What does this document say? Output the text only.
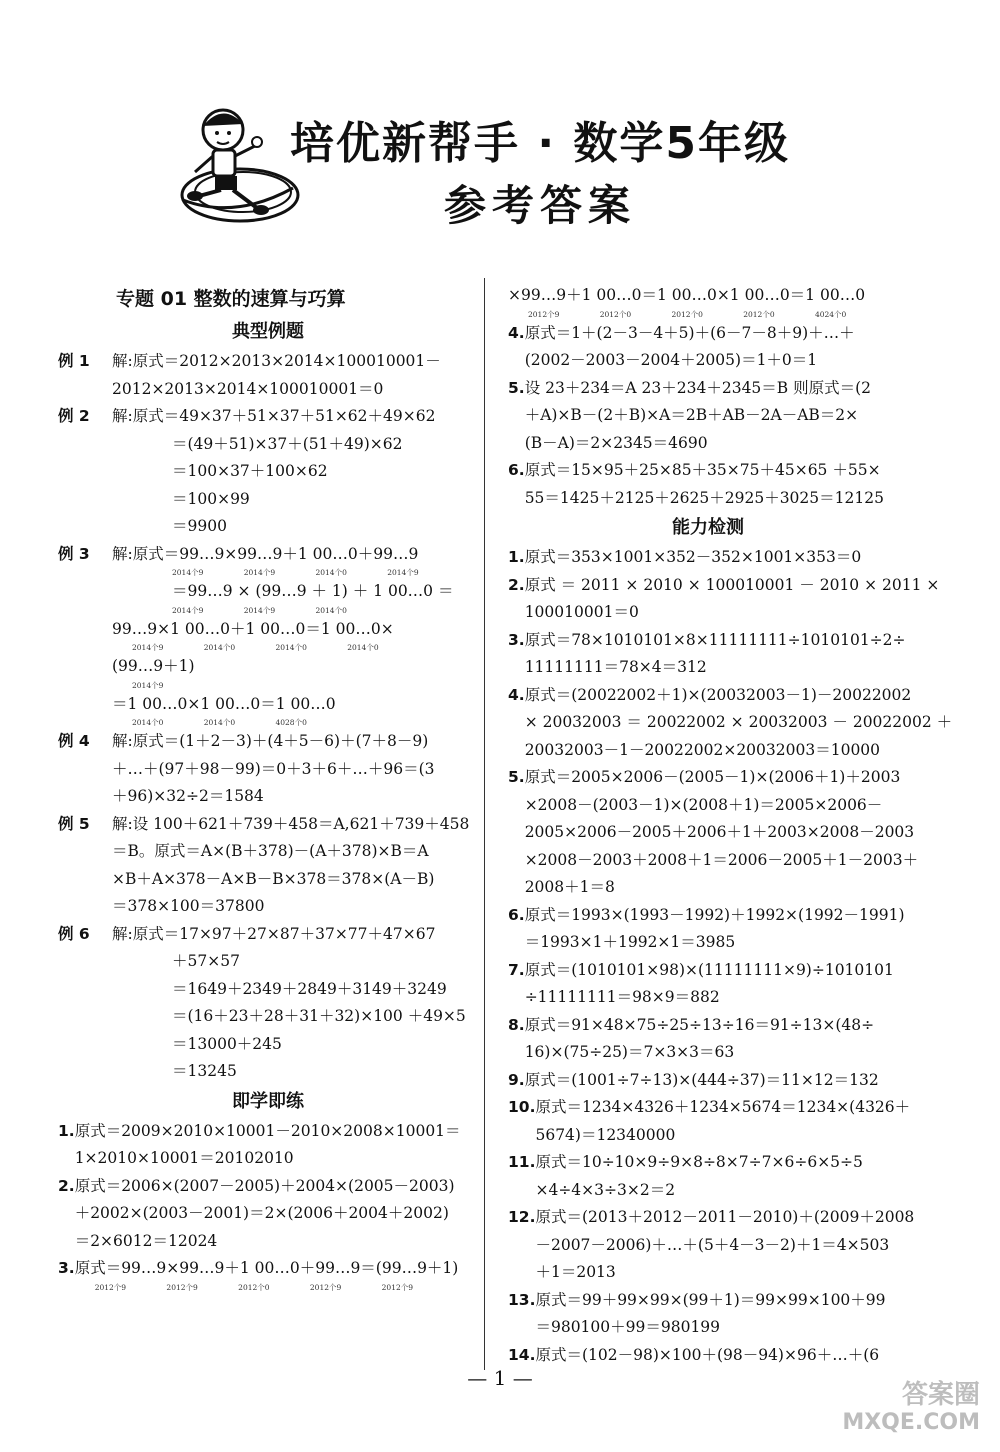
培优新帮手 · 数学5年级
参考答案
专题 01 整数的速算与巧算
典型例题
例 1	解:原式＝2012×2013×2014×100010001－
2012×2013×2014×100010001＝0
例 2	解:原式＝49×37＋51×37＋51×62＋49×62
＝(49＋51)×37＋(51＋49)×62
＝100×37＋100×62
＝100×99
＝9900
例 3	解:原式＝99…9×99…9＋1 00…0＋99…9
2014个9 2014个9 2014个0 2014个9
＝99…9 × (99…9 ＋ 1) ＋ 1 00…0 ＝
2014个9 2014个9 2014个0
99…9×1 00…0＋1 00…0＝1 00…0×
2014个9 2014个0 2014个0 2014个0
(99…9＋1)
2014个9
＝1 00…0×1 00…0＝1 00…0
2014个0 2014个0 4028个0
例 4	解:原式＝(1＋2－3)＋(4＋5－6)＋(7＋8－9)
＋…＋(97＋98－99)＝0＋3＋6＋…＋96＝(3
＋96)×32÷2＝1584
例 5	解:设 100＋621＋739＋458＝A,621＋739＋458
＝B。原式＝A×(B＋378)－(A＋378)×B＝A
×B＋A×378－A×B－B×378＝378×(A－B)
＝378×100＝37800
例 6	解:原式＝17×97＋27×87＋37×77＋47×67
＋57×57
＝1649＋2349＋2849＋3149＋3249
＝(16＋23＋28＋31＋32)×100 ＋49×5
＝13000＋245
＝13245
即学即练
1. 原式＝2009×2010×10001－2010×2008×10001＝
1×2010×10001＝20102010
2. 原式＝2006×(2007－2005)＋2004×(2005－2003)
＋2002×(2003－2001)＝2×(2006＋2004＋2002)
＝2×6012＝12024
3. 原式＝99…9×99…9＋1 00…0＋99…9＝(99…9＋1)
2012个9 2012个9 2012个0 2012个9 2012个9
×99…9＋1 00…0＝1 00…0×1 00…0＝1 00…0
2012个9 2012个0 2012个0 2012个0 4024个0
4. 原式＝1＋(2－3－4＋5)＋(6－7－8＋9)＋…＋
(2002－2003－2004＋2005)＝1＋0＝1
5. 设 23＋234＝A 23＋234＋2345＝B 则原式＝(2
＋A)×B－(2＋B)×A＝2B＋AB－2A－AB＝2×
(B－A)＝2×2345＝4690
6. 原式＝15×95＋25×85＋35×75＋45×65 ＋55×
55＝1425＋2125＋2625＋2925＋3025＝12125
能力检测
1. 原式＝353×1001×352－352×1001×353＝0
2. 原式 ＝ 2011 × 2010 × 100010001 － 2010 × 2011 ×
100010001＝0
3. 原式＝78×1010101×8×11111111÷1010101÷2÷
11111111＝78×4＝312
4. 原式＝(20022002＋1)×(20032003－1)－20022002
× 20032003 ＝ 20022002 × 20032003 － 20022002 ＋
20032003－1－20022002×20032003＝10000
5. 原式＝2005×2006－(2005－1)×(2006＋1)＋2003
×2008－(2003－1)×(2008＋1)＝2005×2006－
2005×2006－2005＋2006＋1＋2003×2008－2003
×2008－2003＋2008＋1＝2006－2005＋1－2003＋
2008＋1＝8
6. 原式＝1993×(1993－1992)＋1992×(1992－1991)
＝1993×1＋1992×1＝3985
7. 原式＝(1010101×98)×(11111111×9)÷1010101
÷11111111＝98×9＝882
8. 原式＝91×48×75÷25÷13÷16＝91÷13×(48÷
16)×(75÷25)＝7×3×3＝63
9. 原式＝(1001÷7÷13)×(444÷37)＝11×12＝132
10. 原式＝1234×4326＋1234×5674＝1234×(4326＋
5674)＝12340000
11. 原式＝10÷10×9÷9×8÷8×7÷7×6÷6×5÷5
×4÷4×3÷3×2＝2
12. 原式＝(2013＋2012－2011－2010)＋(2009＋2008
－2007－2006)＋…＋(5＋4－3－2)＋1＝4×503
＋1＝2013
13. 原式＝99＋99×99×(99＋1)＝99×99×100＋99
＝980100＋99＝980199
14. 原式＝(102－98)×100＋(98－94)×96＋…＋(6
— 1 —
答案圈
MXQE.COM
